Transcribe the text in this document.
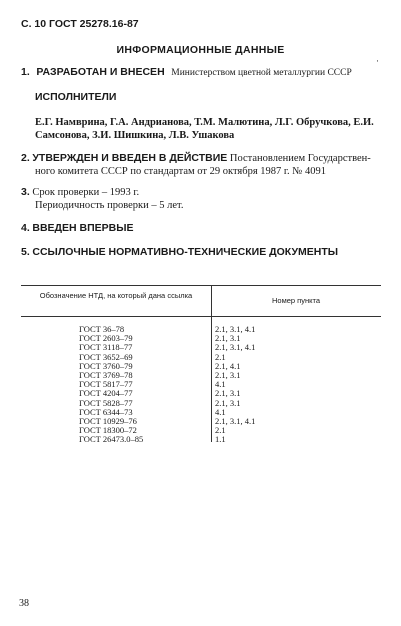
С. 10 ГОСТ 25278.16-87
ИНФОРМАЦИОННЫЕ ДАННЫЕ
·
1. РАЗРАБОТАН И ВНЕСЕН Министерством цветной металлургии СССР
ИСПОЛНИТЕЛИ
Е.Г. Намврина, Г.А. Андрианова, Т.М. Малютина, Л.Г. Обручкова, Е.И. Самсонова, З.И. Шишкина, Л.В. Ушакова
2. УТВЕРЖДЕН И ВВЕДЕН В ДЕЙСТВИЕ Постановлением Государствен-
ного комитета СССР по стандартам от 29 октября 1987 г. № 4091
3. Срок проверки – 1993 г.
Периодичность проверки – 5 лет.
4. ВВЕДЕН ВПЕРВЫЕ
5. ССЫЛОЧНЫЕ НОРМАТИВНО-ТЕХНИЧЕСКИЕ ДОКУМЕНТЫ
Обозначение НТД, на который дана ссылка
Номер пункта
ГОСТ 36–78
ГОСТ 2603–79
ГОСТ 3118–77
ГОСТ 3652–69
ГОСТ 3760–79
ГОСТ 3769–78
ГОСТ 5817–77
ГОСТ 4204–77
ГОСТ 5828–77
ГОСТ 6344–73
ГОСТ 10929–76
ГОСТ 18300–72
ГОСТ 26473.0–85
2.1, 3.1, 4.1
2.1, 3.1
2.1, 3.1, 4.1
2.1
2.1, 4.1
2.1, 3.1
4.1
2.1, 3.1
2.1, 3.1
4.1
2.1, 3.1, 4.1
2.1
1.1
38
